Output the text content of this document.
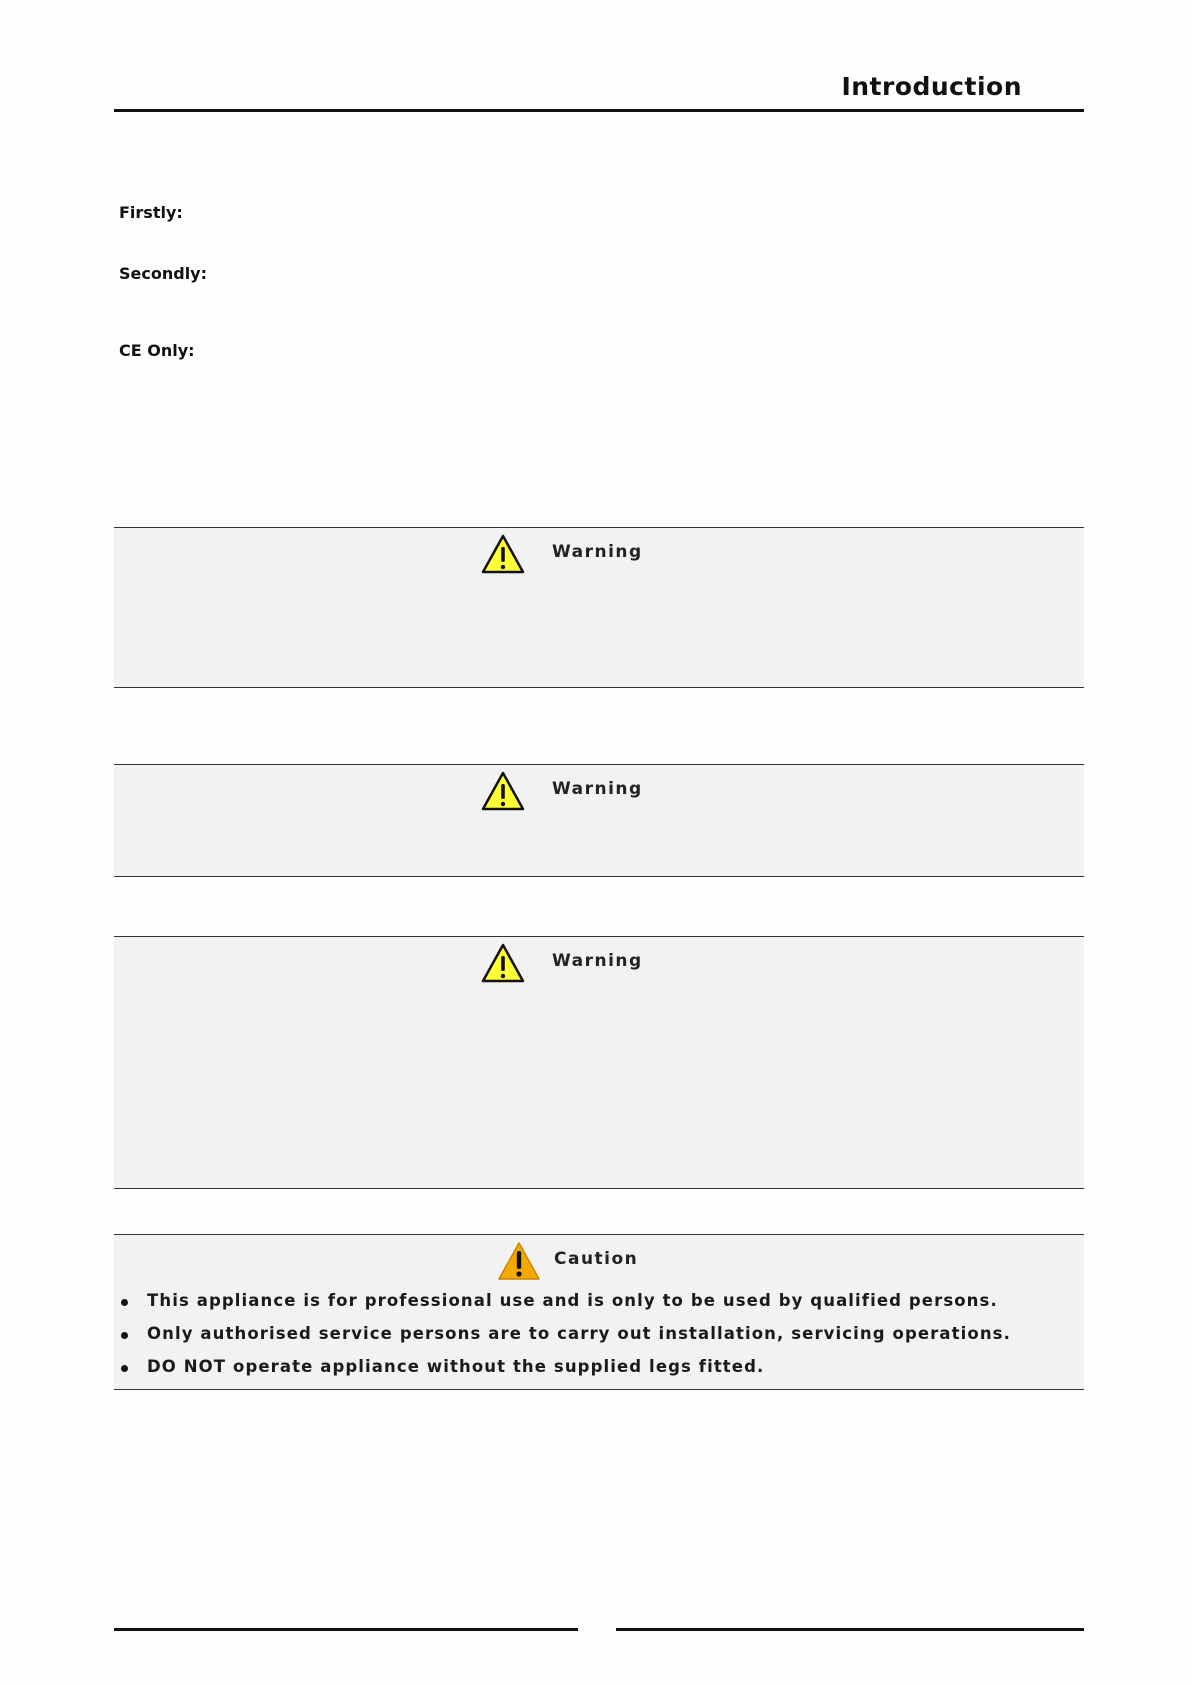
Introduction
Firstly:
Secondly:
CE Only:
Warning
Warning
Warning
Caution
This appliance is for professional use and is only to be used by qualified persons.
Only authorised service persons are to carry out installation, servicing operations.
DO NOT operate appliance without the supplied legs fitted.
